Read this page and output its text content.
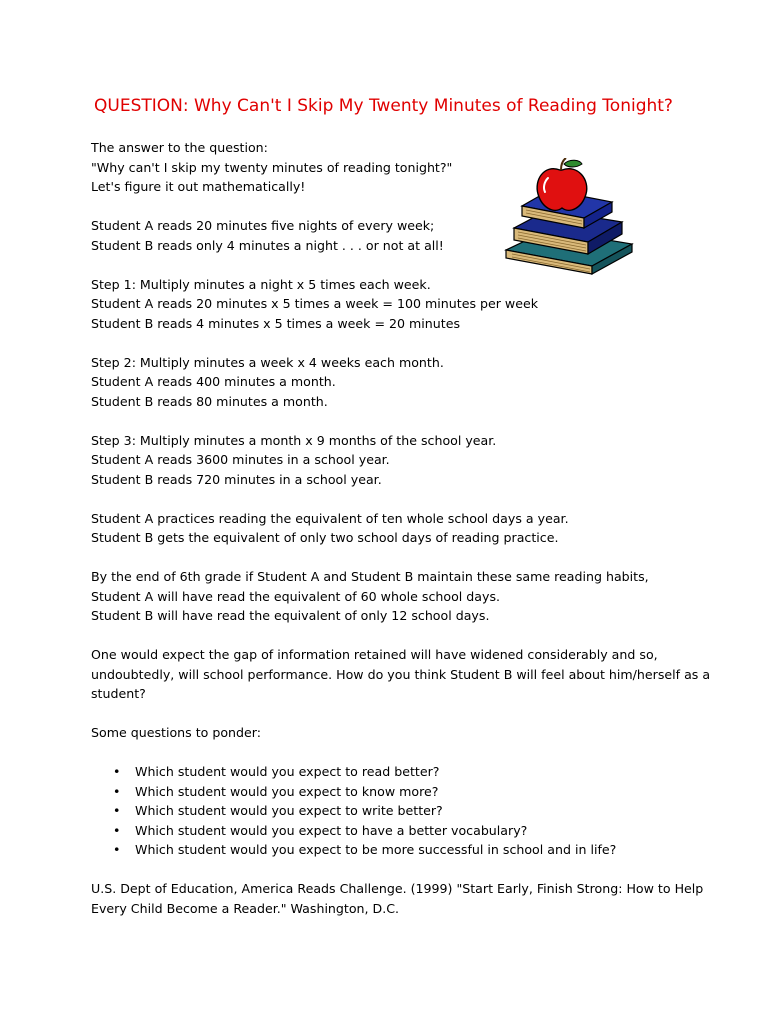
QUESTION: Why Can't I Skip My Twenty Minutes of Reading Tonight?
The answer to the question:
"Why can't I skip my twenty minutes of reading tonight?"
Let's figure it out mathematically!
Student A reads 20 minutes five nights of every week;
Student B reads only 4 minutes a night . . . or not at all!
Step 1: Multiply minutes a night x 5 times each week.
Student A reads 20 minutes x 5 times a week = 100 minutes per week
Student B reads 4 minutes x 5 times a week = 20 minutes
Step 2: Multiply minutes a week x 4 weeks each month.
Student A reads 400 minutes a month.
Student B reads 80 minutes a month.
Step 3: Multiply minutes a month x 9 months of the school year.
Student A reads 3600 minutes in a school year.
Student B reads 720 minutes in a school year.
Student A practices reading the equivalent of ten whole school days a year.
Student B gets the equivalent of only two school days of reading practice.
By the end of 6th grade if Student A and Student B maintain these same reading habits,
Student A will have read the equivalent of 60 whole school days.
Student B will have read the equivalent of only 12 school days.
One would expect the gap of information retained will have widened considerably and so, undoubtedly, will school performance. How do you think Student B will feel about him/herself as a student?
Some questions to ponder:
• Which student would you expect to read better?
• Which student would you expect to know more?
• Which student would you expect to write better?
• Which student would you expect to have a better vocabulary?
• Which student would you expect to be more successful in school and in life?
U.S. Dept of Education, America Reads Challenge. (1999) "Start Early, Finish Strong: How to Help Every Child Become a Reader." Washington, D.C.
